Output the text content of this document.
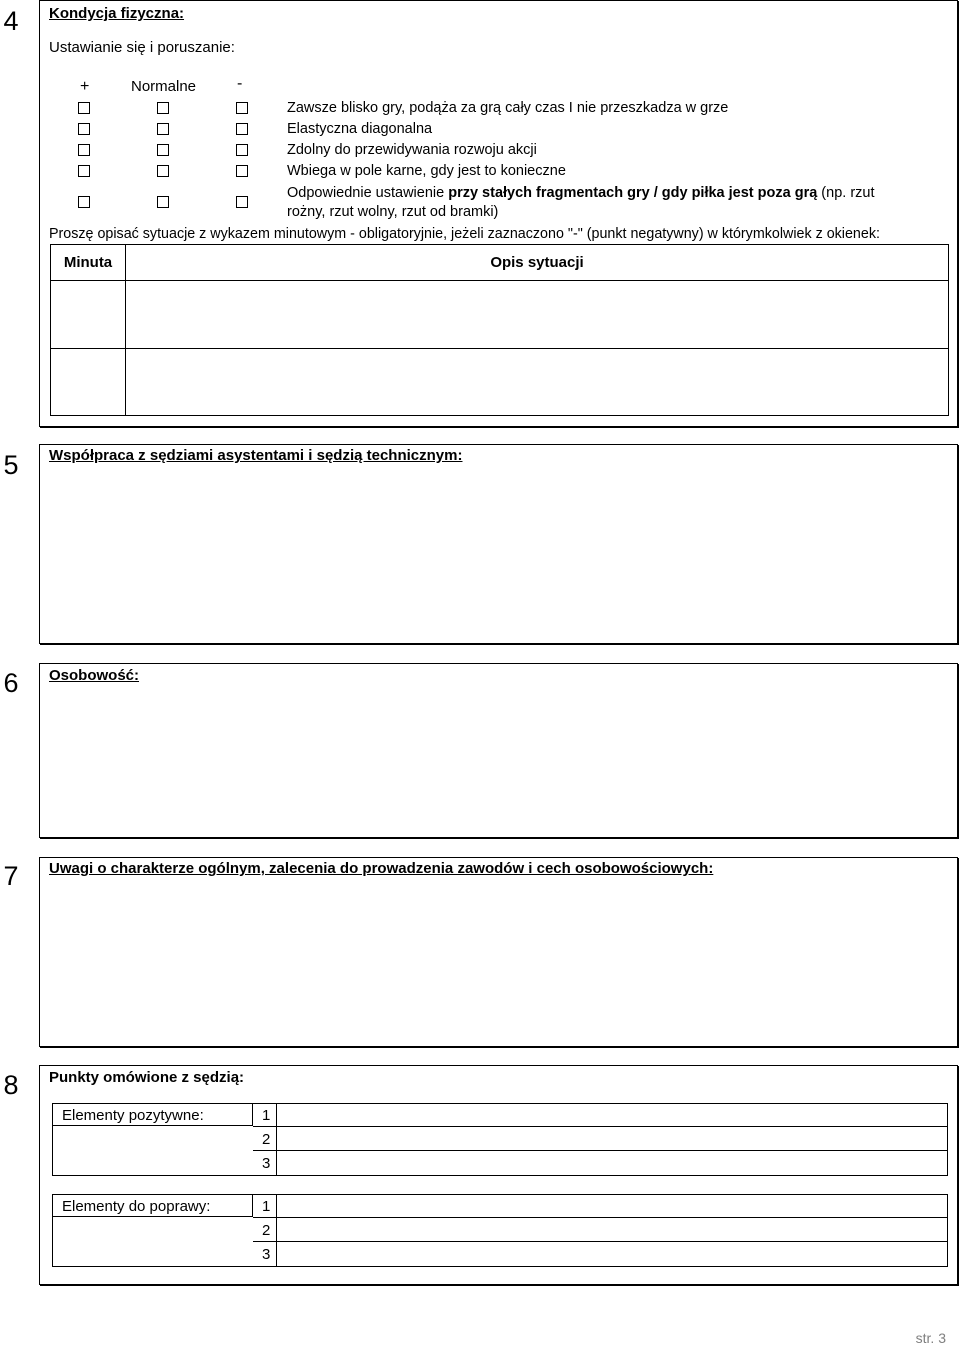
4 Kondycja fizyczna:
Ustawianie się i poruszanie:
+	Normalne	-
Zawsze blisko gry, podąża za grą cały czas I nie przeszkadza w grze
Elastyczna diagonalna
Zdolny do przewidywania rozwoju akcji
Wbiega w pole karne, gdy jest to konieczne
Odpowiednie ustawienie przy stałych fragmentach gry / gdy piłka jest poza grą (np. rzut
rożny, rzut wolny, rzut od bramki)
Proszę opisać sytuacje z wykazem minutowym - obligatoryjnie, jeżeli zaznaczono "-" (punkt negatywny) w którymkolwiek z okienek:
Minuta	Opis sytuacji
5 Współpraca z sędziami asystentami i sędzią technicznym:
6 Osobowość:
7 Uwagi o charakterze ogólnym, zalecenia do prowadzenia zawodów i cech osobowościowych:
8 Punkty omówione z sędzią:
Elementy pozytywne:	1
2
3
Elementy do poprawy:	1
2
3
str. 3
